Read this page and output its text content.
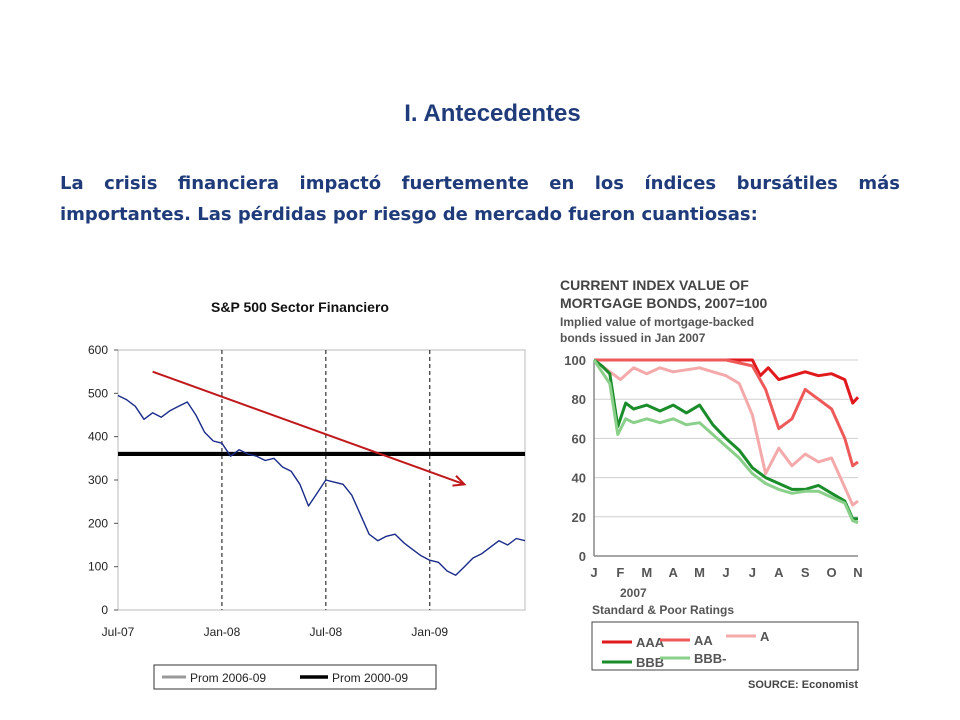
I. Antecedentes

La crisis financiera impactó fuertemente en los índices bursátiles más importantes. Las pérdidas por riesgo de mercado fueron cuantiosas:

S&P 500 Sector Financiero
0
100
200
300
400
500
600
Jul-07	Jan-08	Jul-08	Jan-09
Prom 2006-09	Prom 2000-09
CURRENT INDEX VALUE OF
MORTGAGE BONDS, 2007=100
Implied value of mortgage-backed
bonds issued in Jan 2007
0
20
40
60
80
100
J F M A M J J A S O N
2007
Standard & Poor Ratings
AAA AA	A
BBB BBB-
SOURCE: Economist
